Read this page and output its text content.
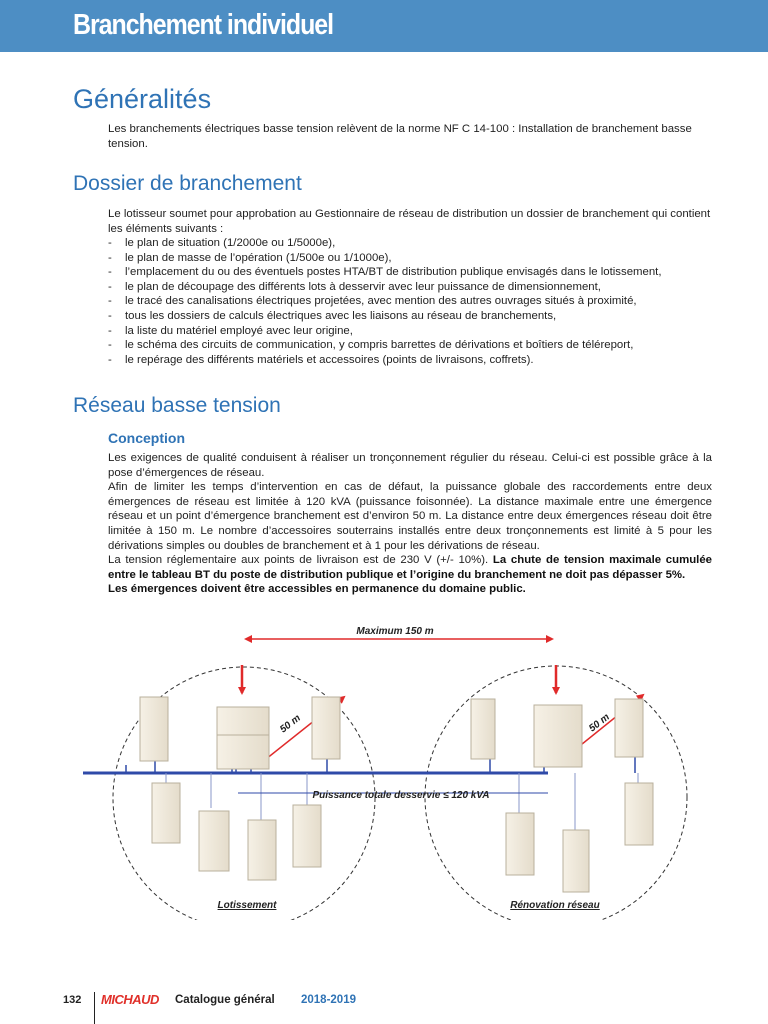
Branchement individuel
Généralités

Les branchements électriques basse tension relèvent de la norme NF C 14-100 : Installation de branchement basse tension.

Dossier de branchement

Le lotisseur soumet pour approbation au Gestionnaire de réseau de distribution un dossier de branchement qui contient les éléments suivants :

- le plan de situation (1/2000e ou 1/5000e),
- le plan de masse de l’opération (1/500e ou 1/1000e),
- l’emplacement du ou des éventuels postes HTA/BT de distribution publique envisagés dans le lotissement,
- le plan de découpage des différents lots à desservir avec leur puissance de dimensionnement,
- le tracé des canalisations électriques projetées, avec mention des autres ouvrages situés à proximité,
- tous les dossiers de calculs électriques avec les liaisons au réseau de branchements,
- la liste du matériel employé avec leur origine,
- le schéma des circuits de communication, y compris barrettes de dérivations et boîtiers de téléreport,
- le repérage des différents matériels et accessoires (points de livraisons, coffrets).
Réseau basse tension
Conception
Les exigences de qualité conduisent à réaliser un tronçonnement régulier du réseau. Celui-ci est possible grâce à la pose d’émergences de réseau.
Afin de limiter les temps d’intervention en cas de défaut, la puissance globale des raccordements entre deux émergences de réseau est limitée à 120 kVA (puissance foisonnée). La distance maximale entre une émergence réseau et un point d’émergence branchement est d’environ 50 m. La distance entre deux émergences réseau doit être limitée à 150 m. Le nombre d’accessoires souterrains installés entre deux tronçonnements est limité à 5 pour les dérivations simples ou doubles de branchement et à 1 pour les dérivations de réseau.
La tension réglementaire aux points de livraison est de 230 V (+/- 10%). La chute de tension maximale cumulée entre le tableau BT du poste de distribution publique et l’origine du branchement ne doit pas dépasser 5%.
Les émergences doivent être accessibles en permanence du domaine public.
Maximum 150 m
50 m	50 m
Puissance totale desservie ≤ 120 kVA
Lotissement	Rénovation réseau
132 MICHAUD Catalogue général 2018-2019
